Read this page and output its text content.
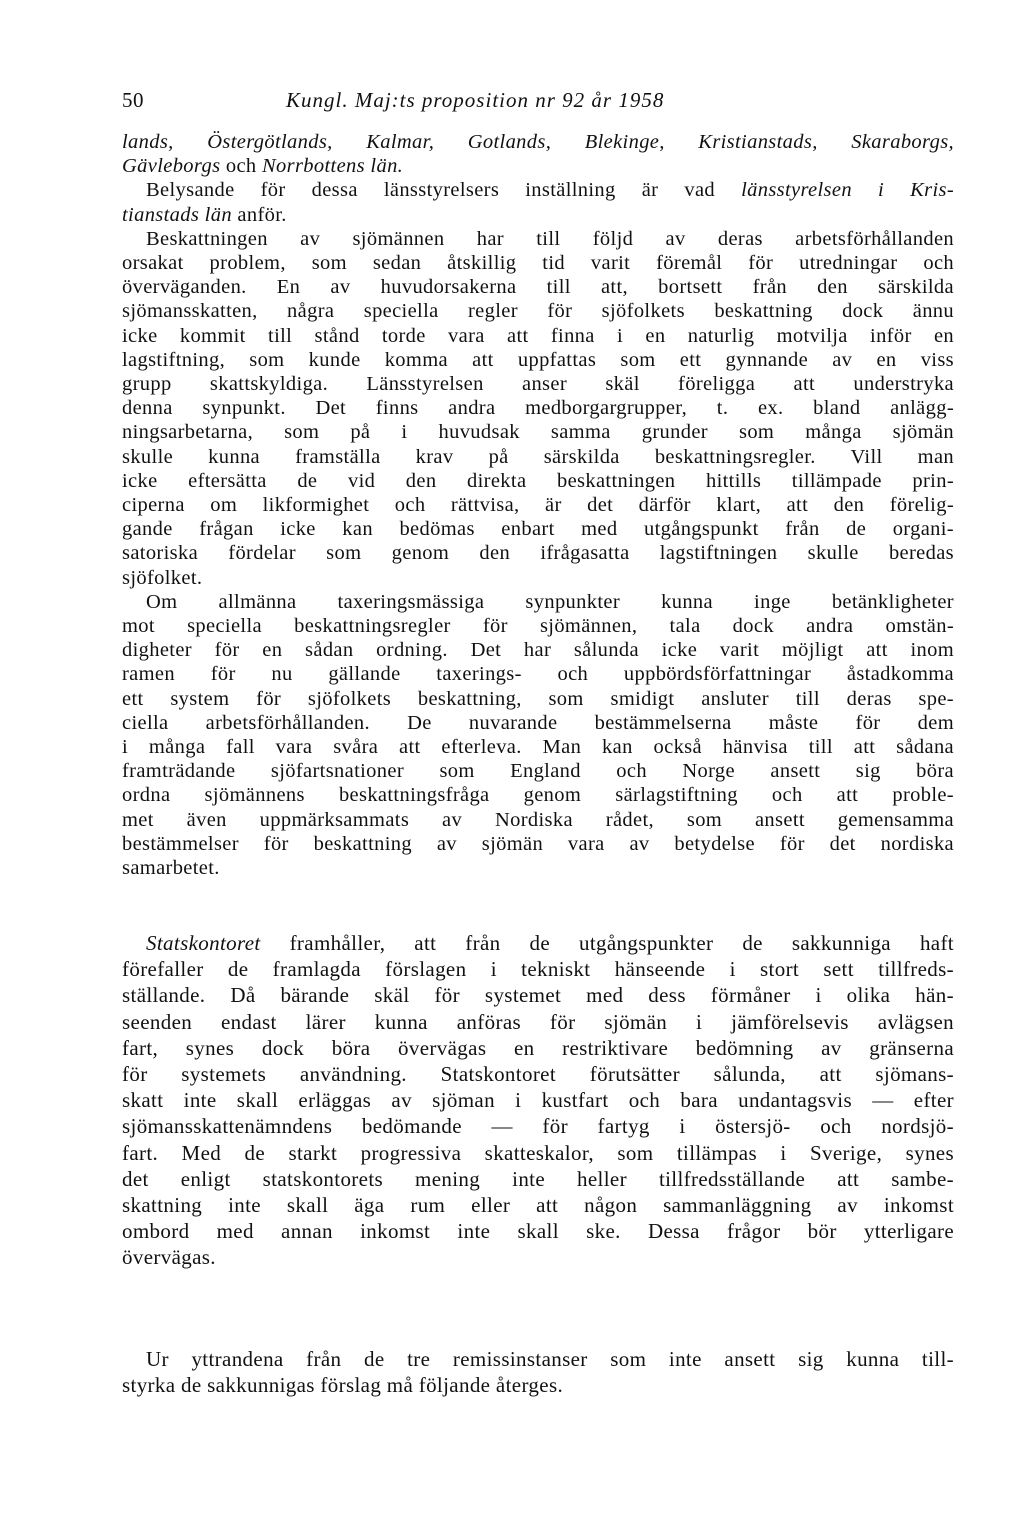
50	Kungl. Maj:ts proposition nr 92 år 1958
lands, Östergötlands, Kalmar, Gotlands, Blekinge, Kristianstads, Skaraborgs,
Gävleborgs och Norrbottens län.
Belysande för dessa länsstyrelsers inställning är vad länsstyrelsen i Kris-
tianstads län anför.
Beskattningen av sjömännen har till följd av deras arbetsförhållanden
orsakat problem, som sedan åtskillig tid varit föremål för utredningar och
överväganden. En av huvudorsakerna till att, bortsett från den särskilda
sjömansskatten, några speciella regler för sjöfolkets beskattning dock ännu
icke kommit till stånd torde vara att finna i en naturlig motvilja inför en
lagstiftning, som kunde komma att uppfattas som ett gynnande av en viss
grupp skattskyldiga. Länsstyrelsen anser skäl föreligga att understryka
denna synpunkt. Det finns andra medborgargrupper, t. ex. bland anlägg-
ningsarbetarna, som på i huvudsak samma grunder som många sjömän
skulle kunna framställa krav på särskilda beskattningsregler. Vill man
icke eftersätta de vid den direkta beskattningen hittills tillämpade prin-
ciperna om likformighet och rättvisa, är det därför klart, att den förelig-
gande frågan icke kan bedömas enbart med utgångspunkt från de organi-
satoriska fördelar som genom den ifrågasatta lagstiftningen skulle beredas
sjöfolket.
Om allmänna taxeringsmässiga synpunkter kunna inge betänkligheter
mot speciella beskattningsregler för sjömännen, tala dock andra omstän-
digheter för en sådan ordning. Det har sålunda icke varit möjligt att inom
ramen för nu gällande taxerings- och uppbördsförfattningar åstadkomma
ett system för sjöfolkets beskattning, som smidigt ansluter till deras spe-
ciella arbetsförhållanden. De nuvarande bestämmelserna måste för dem
i många fall vara svåra att efterleva. Man kan också hänvisa till att sådana
framträdande sjöfartsnationer som England och Norge ansett sig böra
ordna sjömännens beskattningsfråga genom särlagstiftning och att proble-
met även uppmärksammats av Nordiska rådet, som ansett gemensamma
bestämmelser för beskattning av sjömän vara av betydelse för det nordiska
samarbetet.
Statskontoret framhåller, att från de utgångspunkter de sakkunniga haft
förefaller de framlagda förslagen i tekniskt hänseende i stort sett tillfreds-
ställande. Då bärande skäl för systemet med dess förmåner i olika hän-
seenden endast lärer kunna anföras för sjömän i jämförelsevis avlägsen
fart, synes dock böra övervägas en restriktivare bedömning av gränserna
för systemets användning. Statskontoret förutsätter sålunda, att sjömans-
skatt inte skall erläggas av sjöman i kustfart och bara undantagsvis — efter
sjömansskattenämndens bedömande — för fartyg i östersjö- och nordsjö-
fart. Med de starkt progressiva skatteskalor, som tillämpas i Sverige, synes
det enligt statskontorets mening inte heller tillfredsställande att sambe-
skattning inte skall äga rum eller att någon sammanläggning av inkomst
ombord med annan inkomst inte skall ske. Dessa frågor bör ytterligare
övervägas.
Ur yttrandena från de tre remissinstanser som inte ansett sig kunna till-
styrka de sakkunnigas förslag må följande återges.
